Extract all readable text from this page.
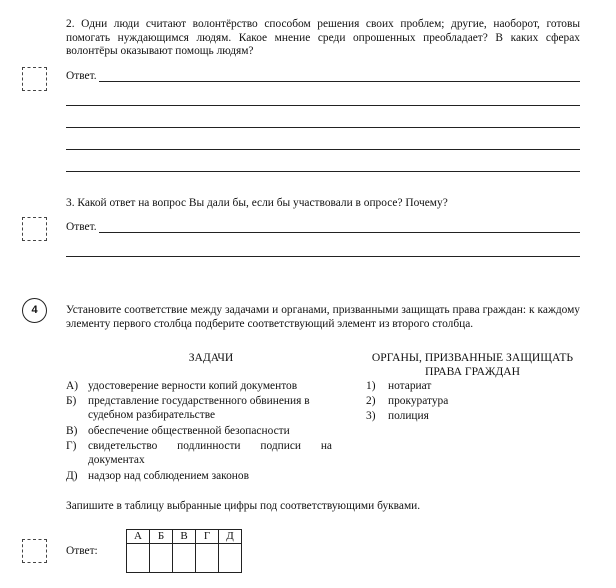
2. Одни люди считают волонтёрство способом решения своих проблем; другие, наоборот, готовы помогать нуждающимся людям. Какое мнение среди опрошенных преобладает? В каких сферах волонтёры оказывают помощь людям?
Ответ.
3. Какой ответ на вопрос Вы дали бы, если бы участвовали в опросе? Почему?
Ответ.
4	Установите соответствие между задачами и органами, призванными защищать права граждан: к каждому элементу первого столбца подберите соответствующий элемент из второго столбца.
ЗАДАЧИ	ОРГАНЫ, ПРИЗВАННЫЕ ЗАЩИЩАТЬ ПРАВА ГРАЖДАН
А) удостоверение верности копий документов
Б)	представление государственного обвинения в судебном разбирательстве
В) обеспечение общественной безопасности
Г)	свидетельство подлинности подписи на документах
Д) надзор над соблюдением законов
1)	нотариат
2)	прокуратура
3)	полиция
Запишите в таблицу выбранные цифры под соответствующими буквами.
Ответ:
А	Б	В	Г	Д
